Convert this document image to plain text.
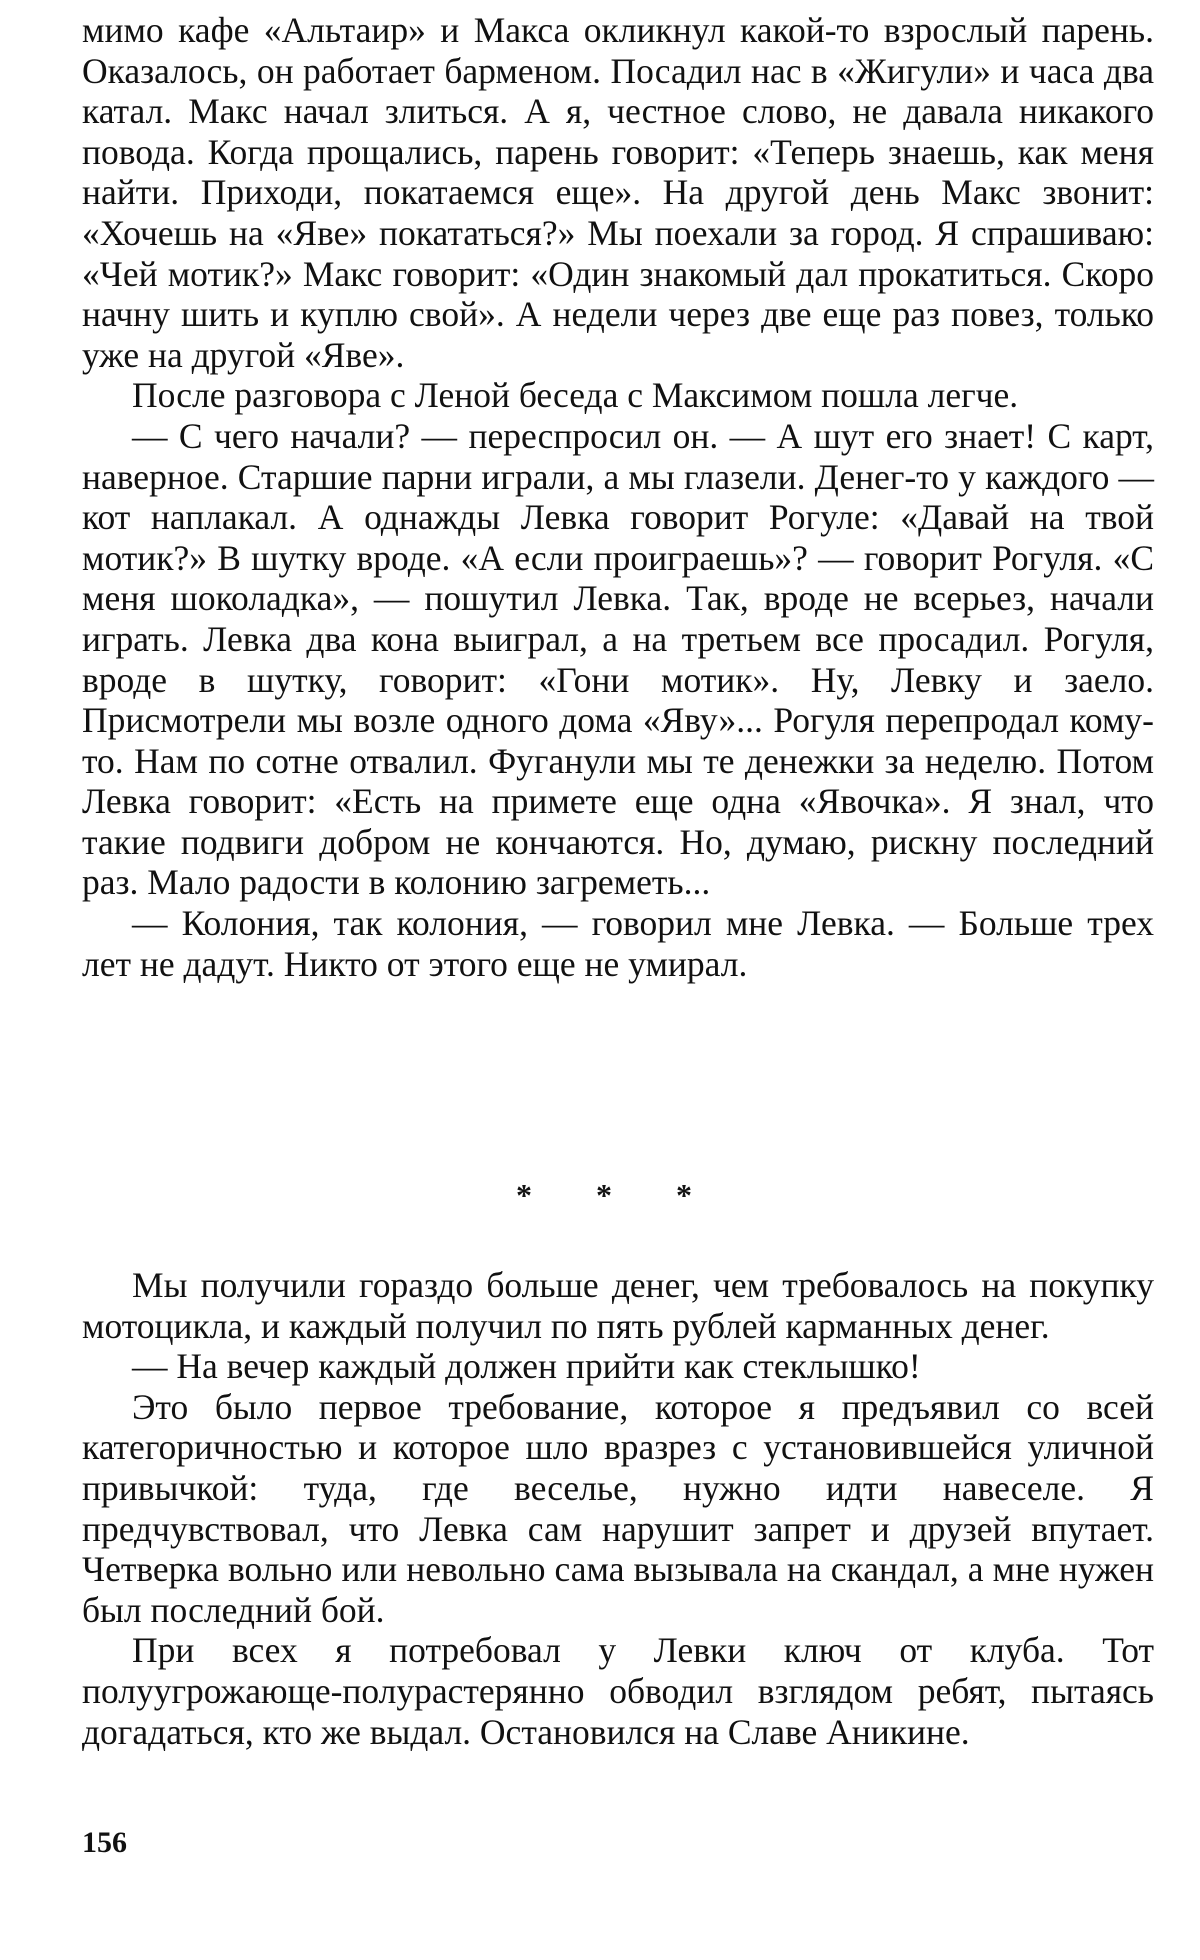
мимо кафе «Альтаир» и Макса окликнул какой-то взрослый парень. Оказалось, он работает барменом. Посадил нас в «Жигули» и часа два катал. Макс начал злиться. А я, честное слово, не давала никакого повода. Когда прощались, парень говорит: «Теперь знаешь, как меня найти. Приходи, покатаемся еще». На другой день Макс звонит: «Хочешь на «Яве» покататься?» Мы поехали за город. Я спрашиваю: «Чей мотик?» Макс говорит: «Один знакомый дал прокатиться. Скоро начну шить и куплю свой». А недели через две еще раз повез, только уже на другой «Яве».

После разговора с Леной беседа с Максимом пошла легче.

— С чего начали? — переспросил он. — А шут его знает! С карт, наверное. Старшие парни играли, а мы глазели. Денег-то у каждого — кот наплакал. А однажды Левка говорит Рогуле: «Давай на твой мотик?» В шутку вроде. «А если проиграешь»? — говорит Рогуля. «С меня шоколадка», — пошутил Левка. Так, вроде не всерьез, начали играть. Левка два кона выиграл, а на третьем все просадил. Рогуля, вроде в шутку, говорит: «Гони мотик». Ну, Левку и заело. Присмотрели мы возле одного дома «Яву»... Рогуля перепродал кому-то. Нам по сотне отвалил. Фуганули мы те денежки за неделю. Потом Левка говорит: «Есть на примете еще одна «Явочка». Я знал, что такие подвиги добром не кончаются. Но, думаю, рискну последний раз. Мало радости в колонию загреметь...

— Колония, так колония, — говорил мне Левка. — Больше трех лет не дадут. Никто от этого еще не умирал.

* * *

Мы получили гораздо больше денег, чем требовалось на покупку мотоцикла, и каждый получил по пять рублей карманных денег.

— На вечер каждый должен прийти как стеклышко!

Это было первое требование, которое я предъявил со всей категоричностью и которое шло вразрез с установившейся уличной привычкой: туда, где веселье, нужно идти навеселе. Я предчувствовал, что Левка сам нарушит запрет и друзей впутает. Четверка вольно или невольно сама вызывала на скандал, а мне нужен был последний бой.

При всех я потребовал у Левки ключ от клуба. Тот полуугрожающе-полурастерянно обводил взглядом ребят, пытаясь догадаться, кто же выдал. Остановился на Славе Аникине.

156
